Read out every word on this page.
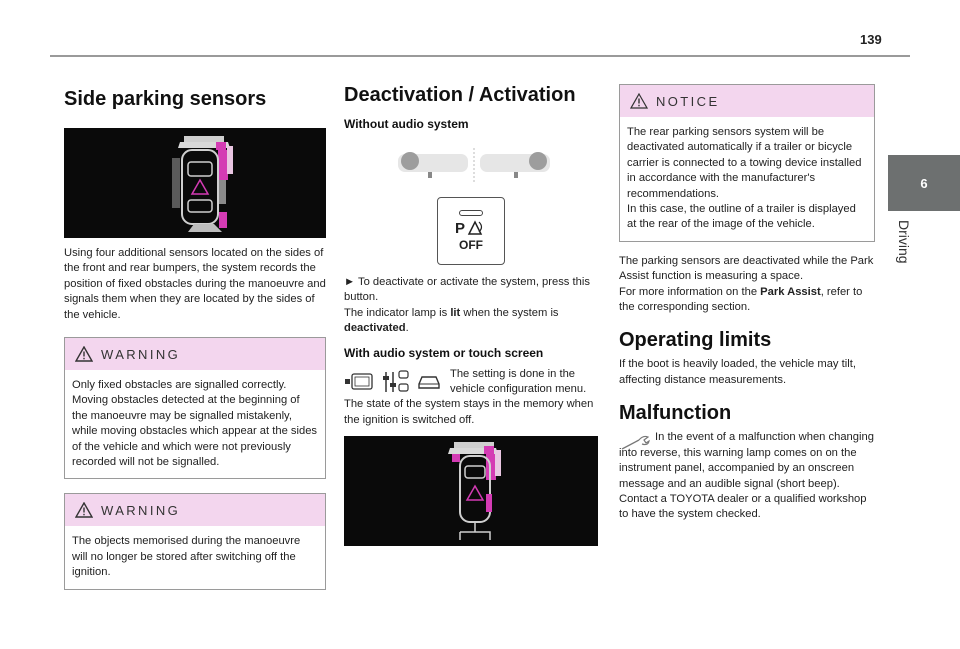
139
6
Driving
Side parking sensors

Using four additional sensors located on the sides of the front and rear bumpers, the system records the position of fixed obstacles during the manoeuvre and signals them when they are located by the sides of the vehicle.

WARNING

Only fixed obstacles are signalled correctly. Moving obstacles detected at the beginning of the manoeuvre may be signalled mistakenly, while moving obstacles which appear at the sides of the vehicle and which were not previously recorded will not be signalled.

WARNING

The objects memorised during the manoeuvre will no longer be stored after switching off the ignition.

Deactivation / Activation
Without audio system
P
OFF

► To deactivate or activate the system, press this button.

The indicator lamp is lit when the system is deactivated.

With audio system or touch screen

The setting is done in the vehicle configuration menu.

The state of the system stays in the memory when the ignition is switched off.

NOTICE

The rear parking sensors system will be deactivated automatically if a trailer or bicycle carrier is connected to a towing device installed in accordance with the manufacturer's recommendations.
In this case, the outline of a trailer is displayed at the rear of the image of the vehicle.

The parking sensors are deactivated while the Park Assist function is measuring a space.
For more information on the Park Assist, refer to the corresponding section.

Operating limits

If the boot is heavily loaded, the vehicle may tilt, affecting distance measurements.

Malfunction

In the event of a malfunction when changing into reverse, this warning lamp comes on on the instrument panel, accompanied by an onscreen message and an audible signal (short beep).
Contact a TOYOTA dealer or a qualified workshop to have the system checked.
